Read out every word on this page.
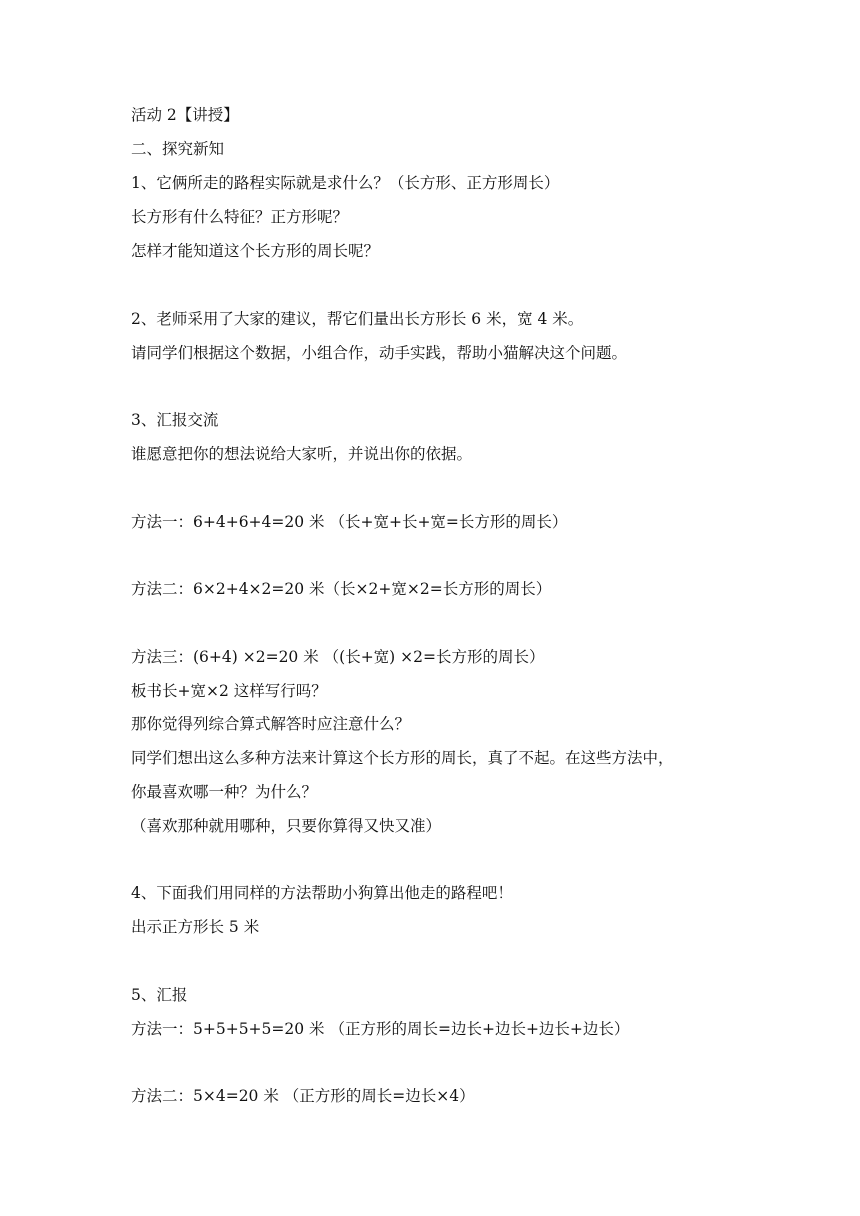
活动 2【讲授】
二、探究新知
1、它俩所走的路程实际就是求什么？（长方形、正方形周长）
长方形有什么特征？正方形呢？
怎样才能知道这个长方形的周长呢？
2、老师采用了大家的建议，帮它们量出长方形长 6 米，宽 4 米。
请同学们根据这个数据，小组合作，动手实践，帮助小猫解决这个问题。
3、汇报交流
谁愿意把你的想法说给大家听，并说出你的依据。
方法一：6+4+6+4=20 米 （长+宽+长+宽=长方形的周长）
方法二：6×2+4×2=20 米（长×2+宽×2=长方形的周长）
方法三：(6+4) ×2=20 米 （(长+宽) ×2=长方形的周长）
板书长+宽×2 这样写行吗？
那你觉得列综合算式解答时应注意什么？
同学们想出这么多种方法来计算这个长方形的周长，真了不起。在这些方法中，
你最喜欢哪一种？为什么？
（喜欢那种就用哪种，只要你算得又快又准）
4、下面我们用同样的方法帮助小狗算出他走的路程吧！
出示正方形长 5 米
5、汇报
方法一：5+5+5+5=20 米 （正方形的周长=边长+边长+边长+边长）
方法二：5×4=20 米 （正方形的周长=边长×4）
